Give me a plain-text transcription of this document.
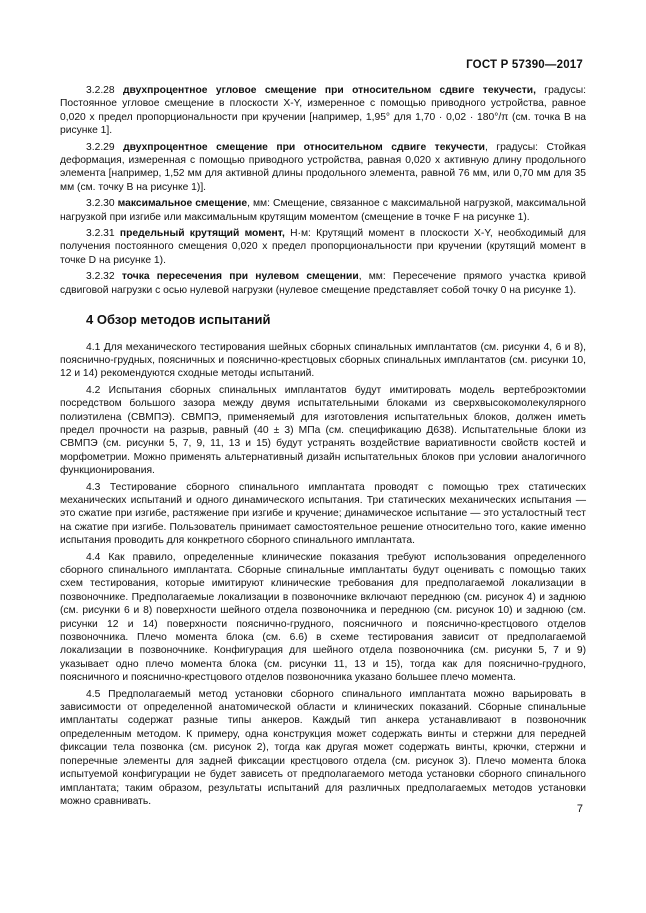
ГОСТ Р 57390—2017

3.2.28 двухпроцентное угловое смещение при относительном сдвиге текучести, градусы: Постоянное угловое смещение в плоскости X-Y, измеренное с помощью приводного устройства, равное 0,020 х предел пропорциональности при кручении [например, 1,95° для 1,70 · 0,02 · 180°/π (см. точка В на рисунке 1].

3.2.29 двухпроцентное смещение при относительном сдвиге текучести, градусы: Стойкая деформация, измеренная с помощью приводного устройства, равная 0,020 х активную длину продольного элемента [например, 1,52 мм для активной длины продольного элемента, равной 76 мм, или 0,70 мм для 35 мм (см. точку В на рисунке 1)].

3.2.30 максимальное смещение, мм: Смещение, связанное с максимальной нагрузкой, максимальной нагрузкой при изгибе или максимальным крутящим моментом (смещение в точке F на рисунке 1).

3.2.31 предельный крутящий момент, Н·м: Крутящий момент в плоскости X-Y, необходимый для получения постоянного смещения 0,020 х предел пропорциональности при кручении (крутящий момент в точке D на рисунке 1).

3.2.32 точка пересечения при нулевом смещении, мм: Пересечение прямого участка кривой сдвиговой нагрузки с осью нулевой нагрузки (нулевое смещение представляет собой точку 0 на рисунке 1).

4 Обзор методов испытаний

4.1 Для механического тестирования шейных сборных спинальных имплантатов (см. рисунки 4, 6 и 8), пояснично-грудных, поясничных и пояснично-крестцовых сборных спинальных имплантатов (см. рисунки 10, 12 и 14) рекомендуются сходные методы испытаний.

4.2 Испытания сборных спинальных имплантатов будут имитировать модель вертеброэктомии посредством большого зазора между двумя испытательными блоками из сверхвысокомолекулярного полиэтилена (СВМПЭ). СВМПЭ, применяемый для изготовления испытательных блоков, должен иметь предел прочности на разрыв, равный (40 ± 3) МПа (см. спецификацию Д638). Испытательные блоки из СВМПЭ (см. рисунки 5, 7, 9, 11, 13 и 15) будут устранять воздействие вариативности свойств костей и морфометрии. Можно применять альтернативный дизайн испытательных блоков при условии аналогичного функционирования.

4.3 Тестирование сборного спинального имплантата проводят с помощью трех статических механических испытаний и одного динамического испытания. Три статических механических испытания — это сжатие при изгибе, растяжение при изгибе и кручение; динамическое испытание — это усталостный тест на сжатие при изгибе. Пользователь принимает самостоятельное решение относительно того, какие именно испытания проводить для конкретного сборного спинального имплантата.

4.4 Как правило, определенные клинические показания требуют использования определенного сборного спинального имплантата. Сборные спинальные имплантаты будут оценивать с помощью таких схем тестирования, которые имитируют клинические требования для предполагаемой локализации в позвоночнике. Предполагаемые локализации в позвоночнике включают переднюю (см. рисунок 4) и заднюю (см. рисунки 6 и 8) поверхности шейного отдела позвоночника и переднюю (см. рисунок 10) и заднюю (см. рисунки 12 и 14) поверхности пояснично-грудного, поясничного и пояснично-крестцового отделов позвоночника. Плечо момента блока (см. 6.6) в схеме тестирования зависит от предполагаемой локализации в позвоночнике. Конфигурация для шейного отдела позвоночника (см. рисунки 5, 7 и 9) указывает одно плечо момента блока (см. рисунки 11, 13 и 15), тогда как для пояснично-грудного, поясничного и пояснично-крестцового отделов позвоночника указано большее плечо момента.

4.5 Предполагаемый метод установки сборного спинального имплантата можно варьировать в зависимости от определенной анатомической области и клинических показаний. Сборные спинальные имплантаты содержат разные типы анкеров. Каждый тип анкера устанавливают в позвоночник определенным методом. К примеру, одна конструкция может содержать винты и стержни для передней фиксации тела позвонка (см. рисунок 2), тогда как другая может содержать винты, крючки, стержни и поперечные элементы для задней фиксации крестцового отдела (см. рисунок 3). Плечо момента блока испытуемой конфигурации не будет зависеть от предполагаемого метода установки сборного спинального имплантата; таким образом, результаты испытаний для различных предполагаемых методов установки можно сравнивать.

7
